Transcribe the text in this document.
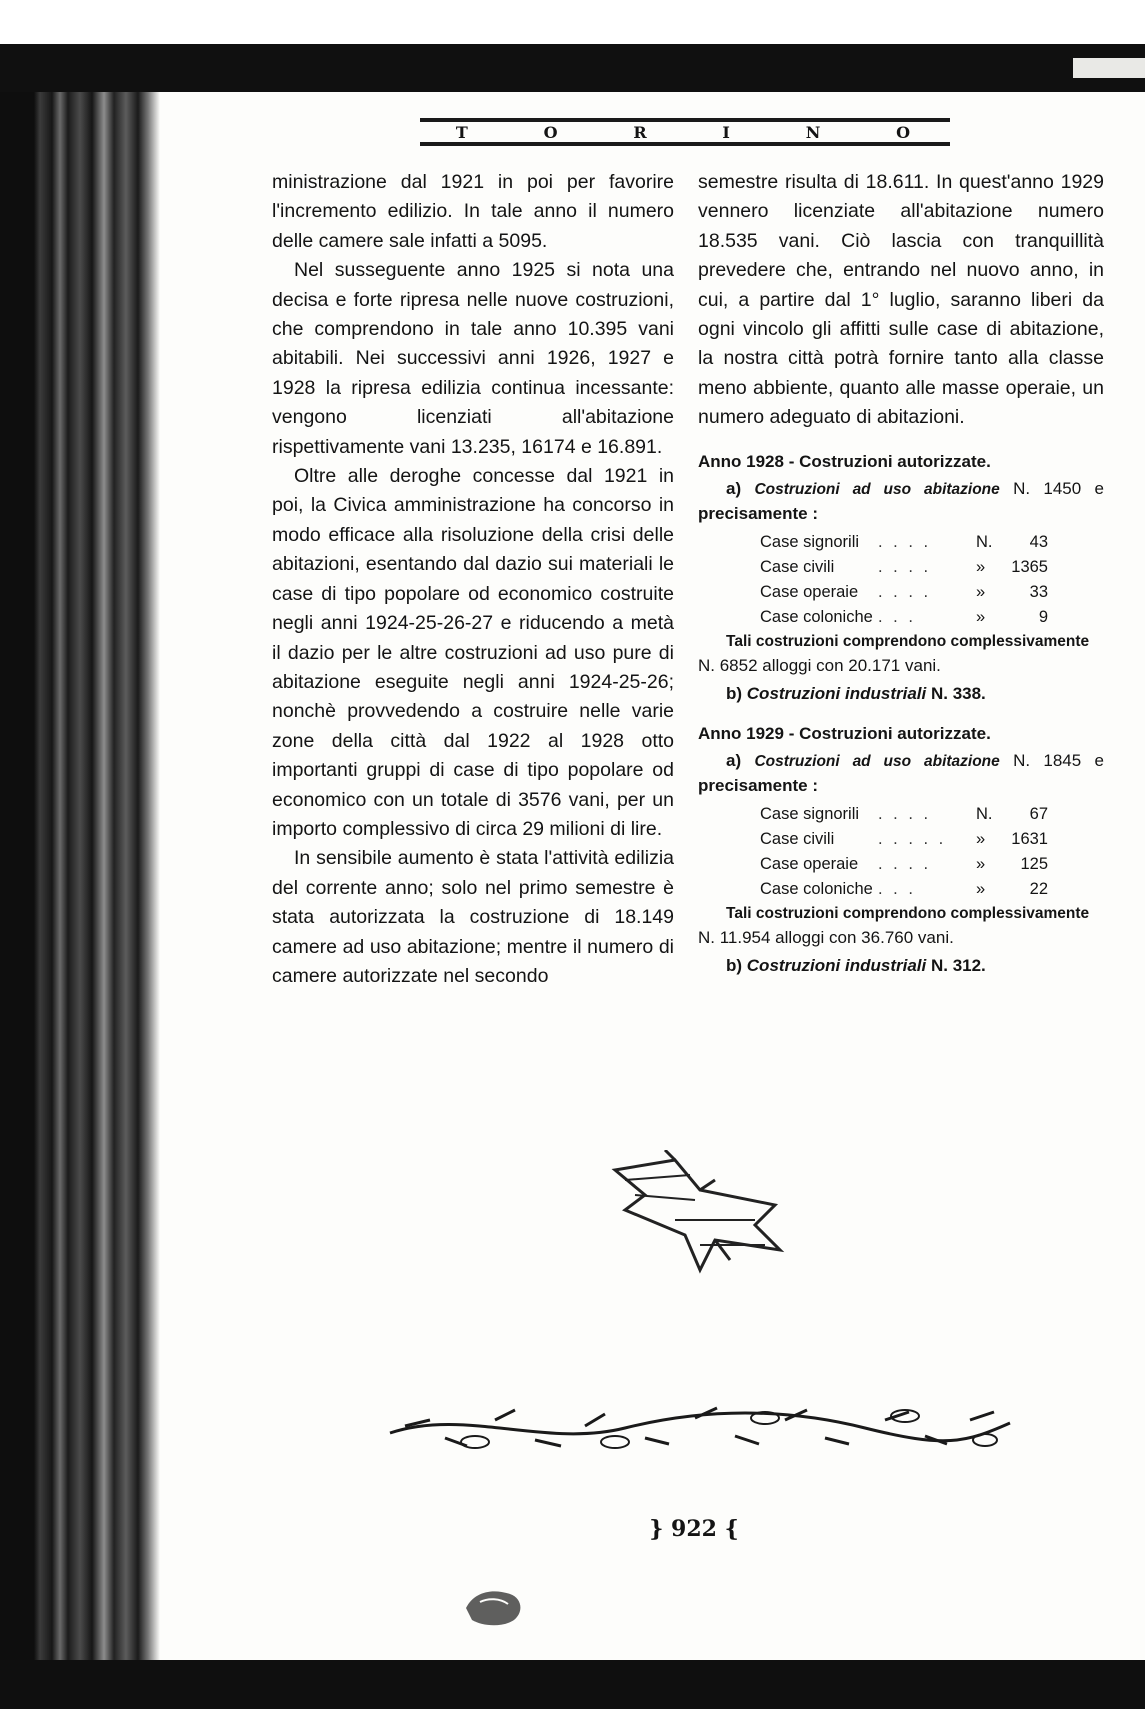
T	O	R	I	N	O

ministrazione dal 1921 in poi per favorire l'incremento edilizio. In tale anno il numero delle camere sale infatti a 5095.

Nel susseguente anno 1925 si nota una decisa e forte ripresa nelle nuove costruzioni, che comprendono in tale anno 10.395 vani abitabili. Nei successivi anni 1926, 1927 e 1928 la ripresa edilizia continua incessante: vengono licenziati all'abitazione rispettivamente vani 13.235, 16174 e 16.891.

Oltre alle deroghe concesse dal 1921 in poi, la Civica amministrazione ha concorso in modo efficace alla risoluzione della crisi delle abitazioni, esentando dal dazio sui materiali le case di tipo popolare od economico costruite negli anni 1924-25-26-27 e riducendo a metà il dazio per le altre costruzioni ad uso pure di abitazione eseguite negli anni 1924-25-26; nonchè provvedendo a costruire nelle varie zone della città dal 1922 al 1928 otto importanti gruppi di case di tipo popolare od economico con un totale di 3576 vani, per un importo complessivo di circa 29 milioni di lire.

In sensibile aumento è stata l'attività edilizia del corrente anno; solo nel primo semestre è stata autorizzata la costruzione di 18.149 camere ad uso abitazione; mentre il numero di camere autorizzate nel secondo

semestre risulta di 18.611. In quest'anno 1929 vennero licenziate all'abitazione numero 18.535 vani. Ciò lascia con tranquillità prevedere che, entrando nel nuovo anno, in cui, a partire dal 1° luglio, saranno liberi da ogni vincolo gli affitti sulle case di abitazione, la nostra città potrà fornire tanto alla classe meno abbiente, quanto alle masse operaie, un numero adeguato di abitazioni.

Anno 1928 - Costruzioni autorizzate.

a) Costruzioni ad uso abitazione N. 1450 e precisamente :

Case signorili	. . . .	N.	43
Case civili	. . . .	»	1365
Case operaie	. . . .	»	33
Case coloniche	. . .	»	9

Tali costruzioni comprendono complessivamente
N. 6852 alloggi con 20.171 vani.

b) Costruzioni industriali N. 338.

Anno 1929 - Costruzioni autorizzate.

a) Costruzioni ad uso abitazione N. 1845 e precisamente :

Case signorili	. . . .	N.	67
Case civili	. . . . .	»	1631
Case operaie	. . . .	»	125
Case coloniche	. . .	»	22

Tali costruzioni comprendono complessivamente
N. 11.954 alloggi con 36.760 vani.

b) Costruzioni industriali N. 312.

} 922 {
